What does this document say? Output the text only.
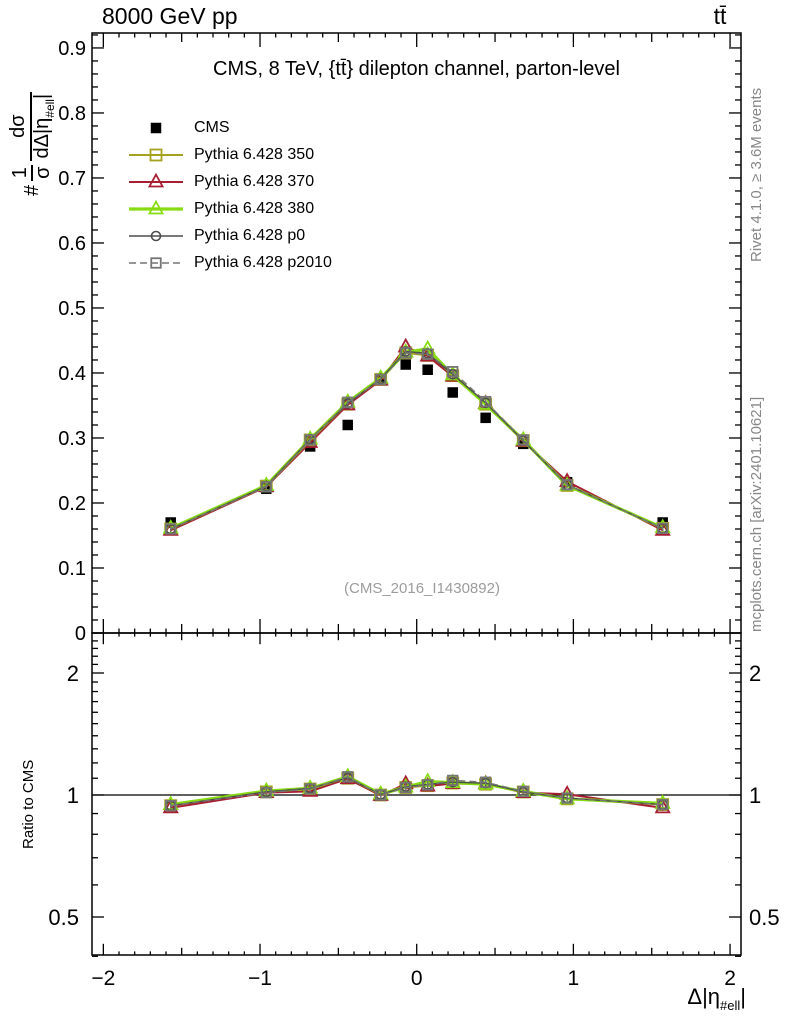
0
0.1
0.2
0.3
0.4
0.5
0.6
0.7
0.8
0.9
−2	−1	0	1	2
0.5	0.5
1	1
2	2
8000 GeV pp	tt̄
CMS, 8 TeV, {tt̄} dilepton channel, parton-level
(CMS_2016_I1430892)
Rivet 4.1.0, ≥ 3.6M events
mcplots.cern.ch [arXiv:2401.10621]
#
1 σ
dσ $d\Delta|\eta_{\#ell}|$
Ratio to CMS
$\Delta|\eta_{\#ell}|$
CMS
Pythia 6.428 350
Pythia 6.428 370
Pythia 6.428 380
Pythia 6.428 p0
Pythia 6.428 p2010
